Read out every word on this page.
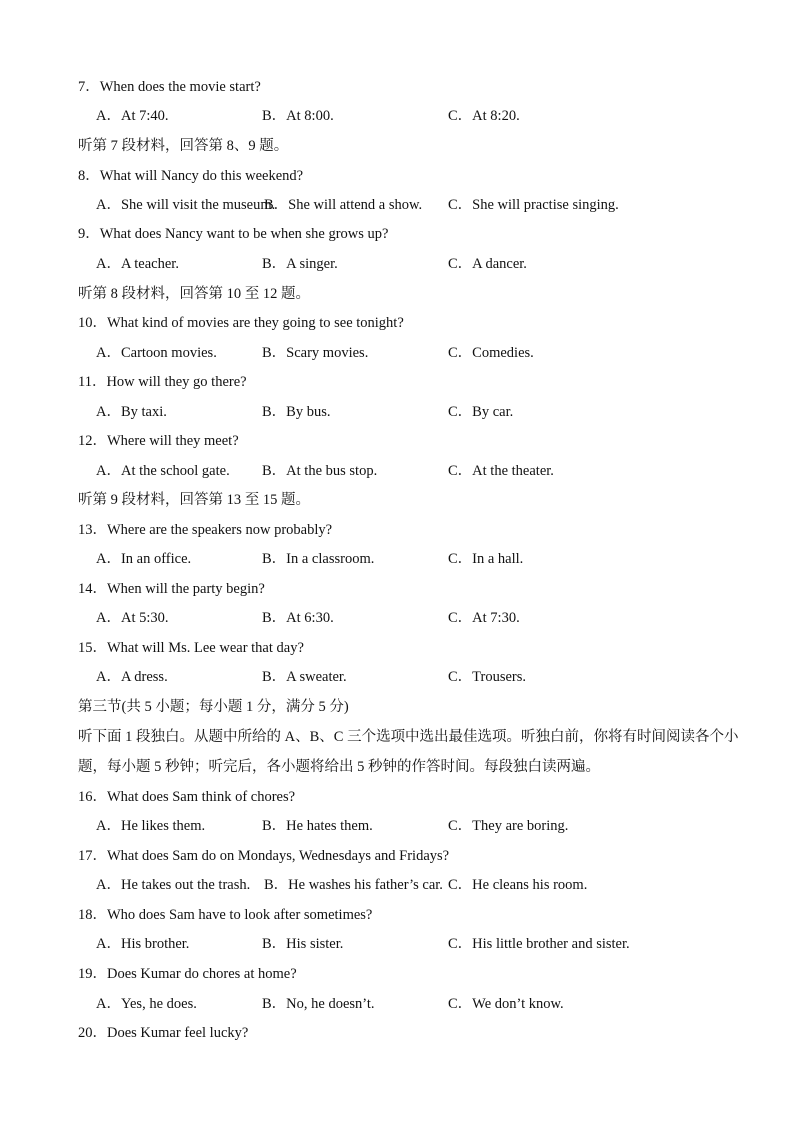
7．When does the movie start?
A．At 7:40.	B．At 8:00.	C．At 8:20.
听第 7 段材料，回答第 8、9 题。
8．What will Nancy do this weekend?
A．She will visit the museum.
B．She will attend a show. C．She will practise singing.
9．What does Nancy want to be when she grows up?
A．A teacher.	B．A singer.	C．A dancer.
听第 8 段材料，回答第 10 至 12 题。
10．What kind of movies are they going to see tonight?
A．Cartoon movies.	B．Scary movies.	C．Comedies.
11．How will they go there?
A．By taxi.	B．By bus.	C．By car.
12．Where will they meet?
A．At the school gate. B．At the bus stop.	C．At the theater.
听第 9 段材料，回答第 13 至 15 题。
13．Where are the speakers now probably?
A．In an office.	B．In a classroom.	C．In a hall.
14．When will the party begin?
A．At 5:30.	B．At 6:30.	C．At 7:30.
15．What will Ms. Lee wear that day?
A．A dress.	B．A sweater.	C．Trousers.
第三节(共 5 小题；每小题 1 分，满分 5 分)
听下面 1 段独白。从题中所给的 A、B、C 三个选项中选出最佳选项。听独白前，你将有时间阅读各个小
题，每小题 5 秒钟；听完后，各小题将给出 5 秒钟的作答时间。每段独白读两遍。
16．What does Sam think of chores?
A．He likes them.	B．He hates them.	C．They are boring.
17．What does Sam do on Mondays, Wednesdays and Fridays?
A．He takes out the trash. B．He washes his father’s car. C．He cleans his room.
18．Who does Sam have to look after sometimes?
A．His brother.	B．His sister.	C．His little brother and sister.
19．Does Kumar do chores at home?
A．Yes, he does.	B．No, he doesn’t.	C．We don’t know.
20．Does Kumar feel lucky?
